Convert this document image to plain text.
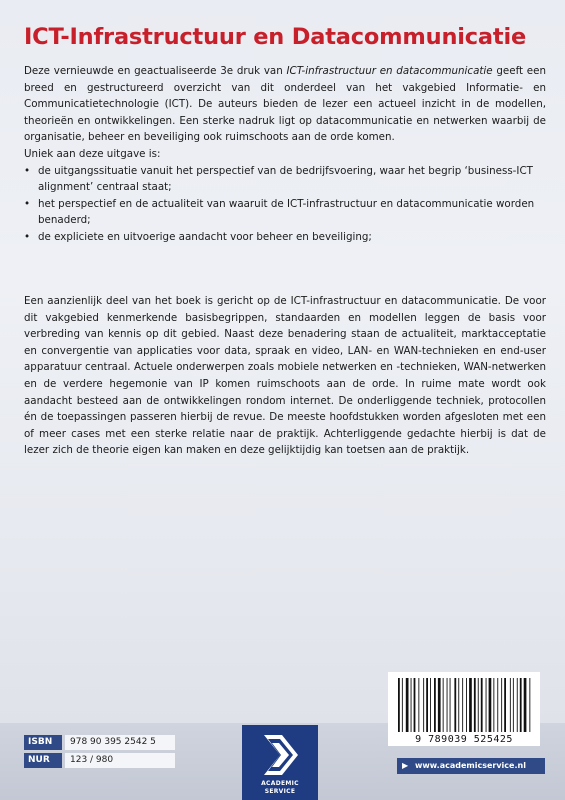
ICT-Infrastructuur en Datacommunicatie

Deze vernieuwde en geactualiseerde 3e druk van ICT-infrastructuur en datacommunicatie geeft een breed en gestructureerd overzicht van dit onderdeel van het vakgebied Informatie- en Communicatietechnologie (ICT). De auteurs bieden de lezer een actueel inzicht in de modellen, theorieën en ontwikkelingen. Een sterke nadruk ligt op datacommunicatie en netwerken waarbij de organisatie, beheer en beveiliging ook ruimschoots aan de orde komen.

Uniek aan deze uitgave is:

• de uitgangssituatie vanuit het perspectief van de bedrijfsvoering, waar het begrip ‘business-ICT alignment’ centraal staat;
• het perspectief en de actualiteit van waaruit de ICT-infrastructuur en datacommunicatie worden benaderd;
• de expliciete en uitvoerige aandacht voor beheer en beveiliging;

Een aanzienlijk deel van het boek is gericht op de ICT-infrastructuur en datacommunicatie. De voor dit vakgebied kenmerkende basisbegrippen, standaarden en modellen leggen de basis voor verbreding van kennis op dit gebied. Naast deze benadering staan de actualiteit, marktacceptatie en convergentie van applicaties voor data, spraak en video, LAN- en WAN-technieken en end-user apparatuur centraal. Actuele onderwerpen zoals mobiele netwerken en -technieken, WAN-netwerken en de verdere hegemonie van IP komen ruimschoots aan de orde. In ruime mate wordt ook aandacht besteed aan de ontwikkelingen rondom internet. De onderliggende techniek, protocollen én de toepassingen passeren hierbij de revue. De meeste hoofdstukken worden afgesloten met een of meer cases met een sterke relatie naar de praktijk. Achterliggende gedachte hierbij is dat de lezer zich de theorie eigen kan maken en deze gelijktijdig kan toetsen aan de praktijk.

ISBN	978 90 395 2542 5
NUR	123 / 980
ACADEMIC
SERVICE
9 789039 525425
▶ www.academicservice.nl
